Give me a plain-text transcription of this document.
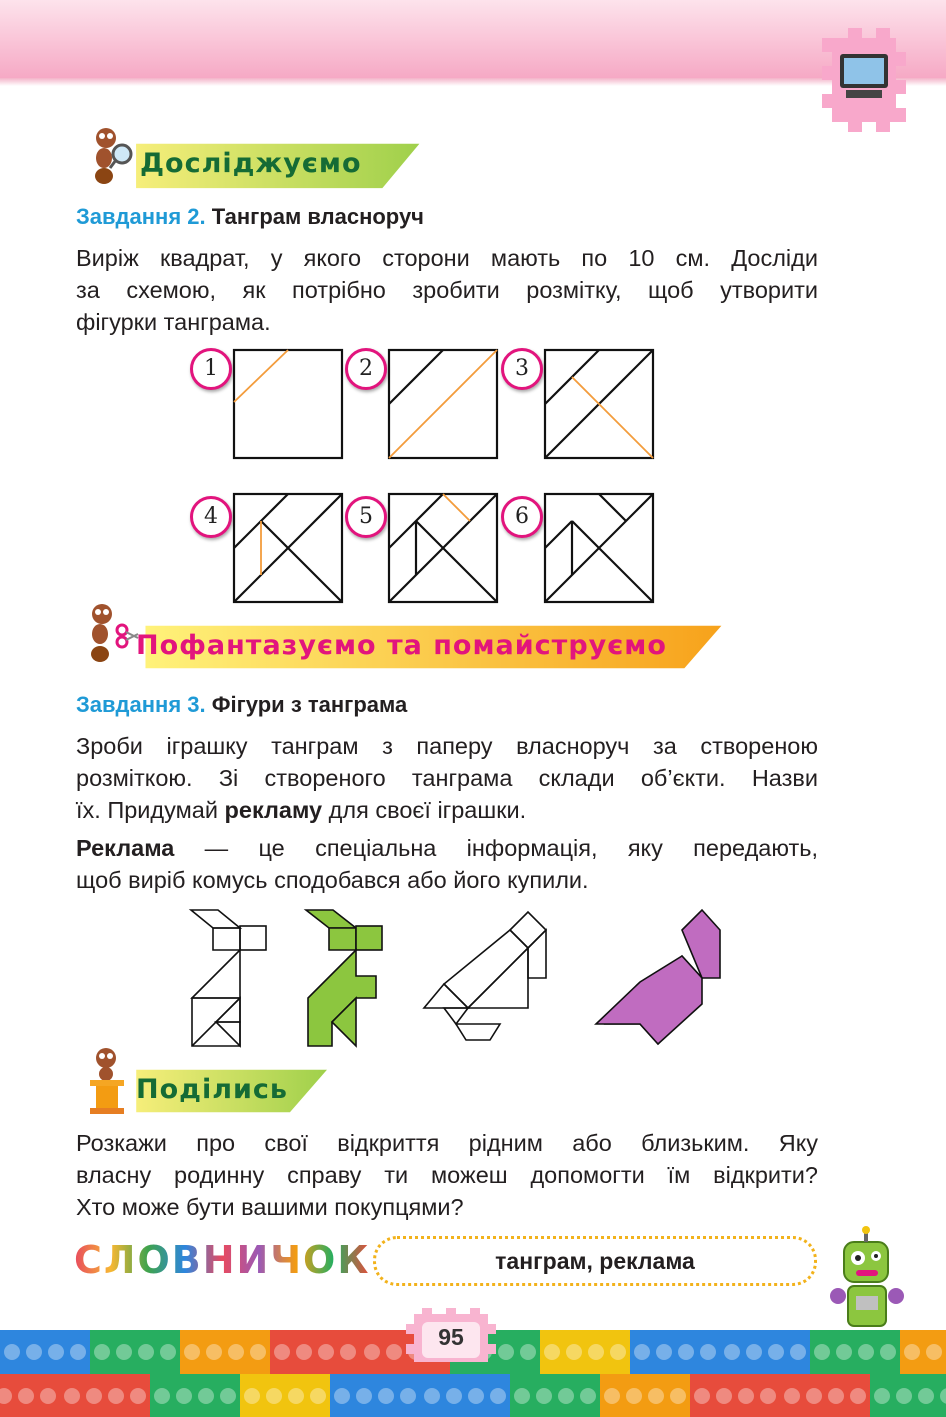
Досліджуємо
Завдання 2. Танграм власноруч
Виріж квадрат, у якого сторони мають по 10 см. Досліди
за схемою, як потрібно зробити розмітку, щоб утворити
фігурки танграма.
1	2	3
4	5	6
Пофантазуємо та помайструємо
Завдання 3. Фігури з танграма
Зроби іграшку танграм з паперу власноруч за створеною
розміткою. Зі створеного танграма склади об’єкти. Назви
їх. Придумай рекламу для своєї іграшки.
Реклама — це спеціальна інформація, яку передають,
щоб виріб комусь сподобався або його купили.
Поділись
Розкажи про свої відкриття рідним або близьким. Яку
власну родинну справу ти можеш допомогти їм відкрити?
Хто може бути вашими покупцями?
СЛОВНИЧОК	танграм, реклама
95
